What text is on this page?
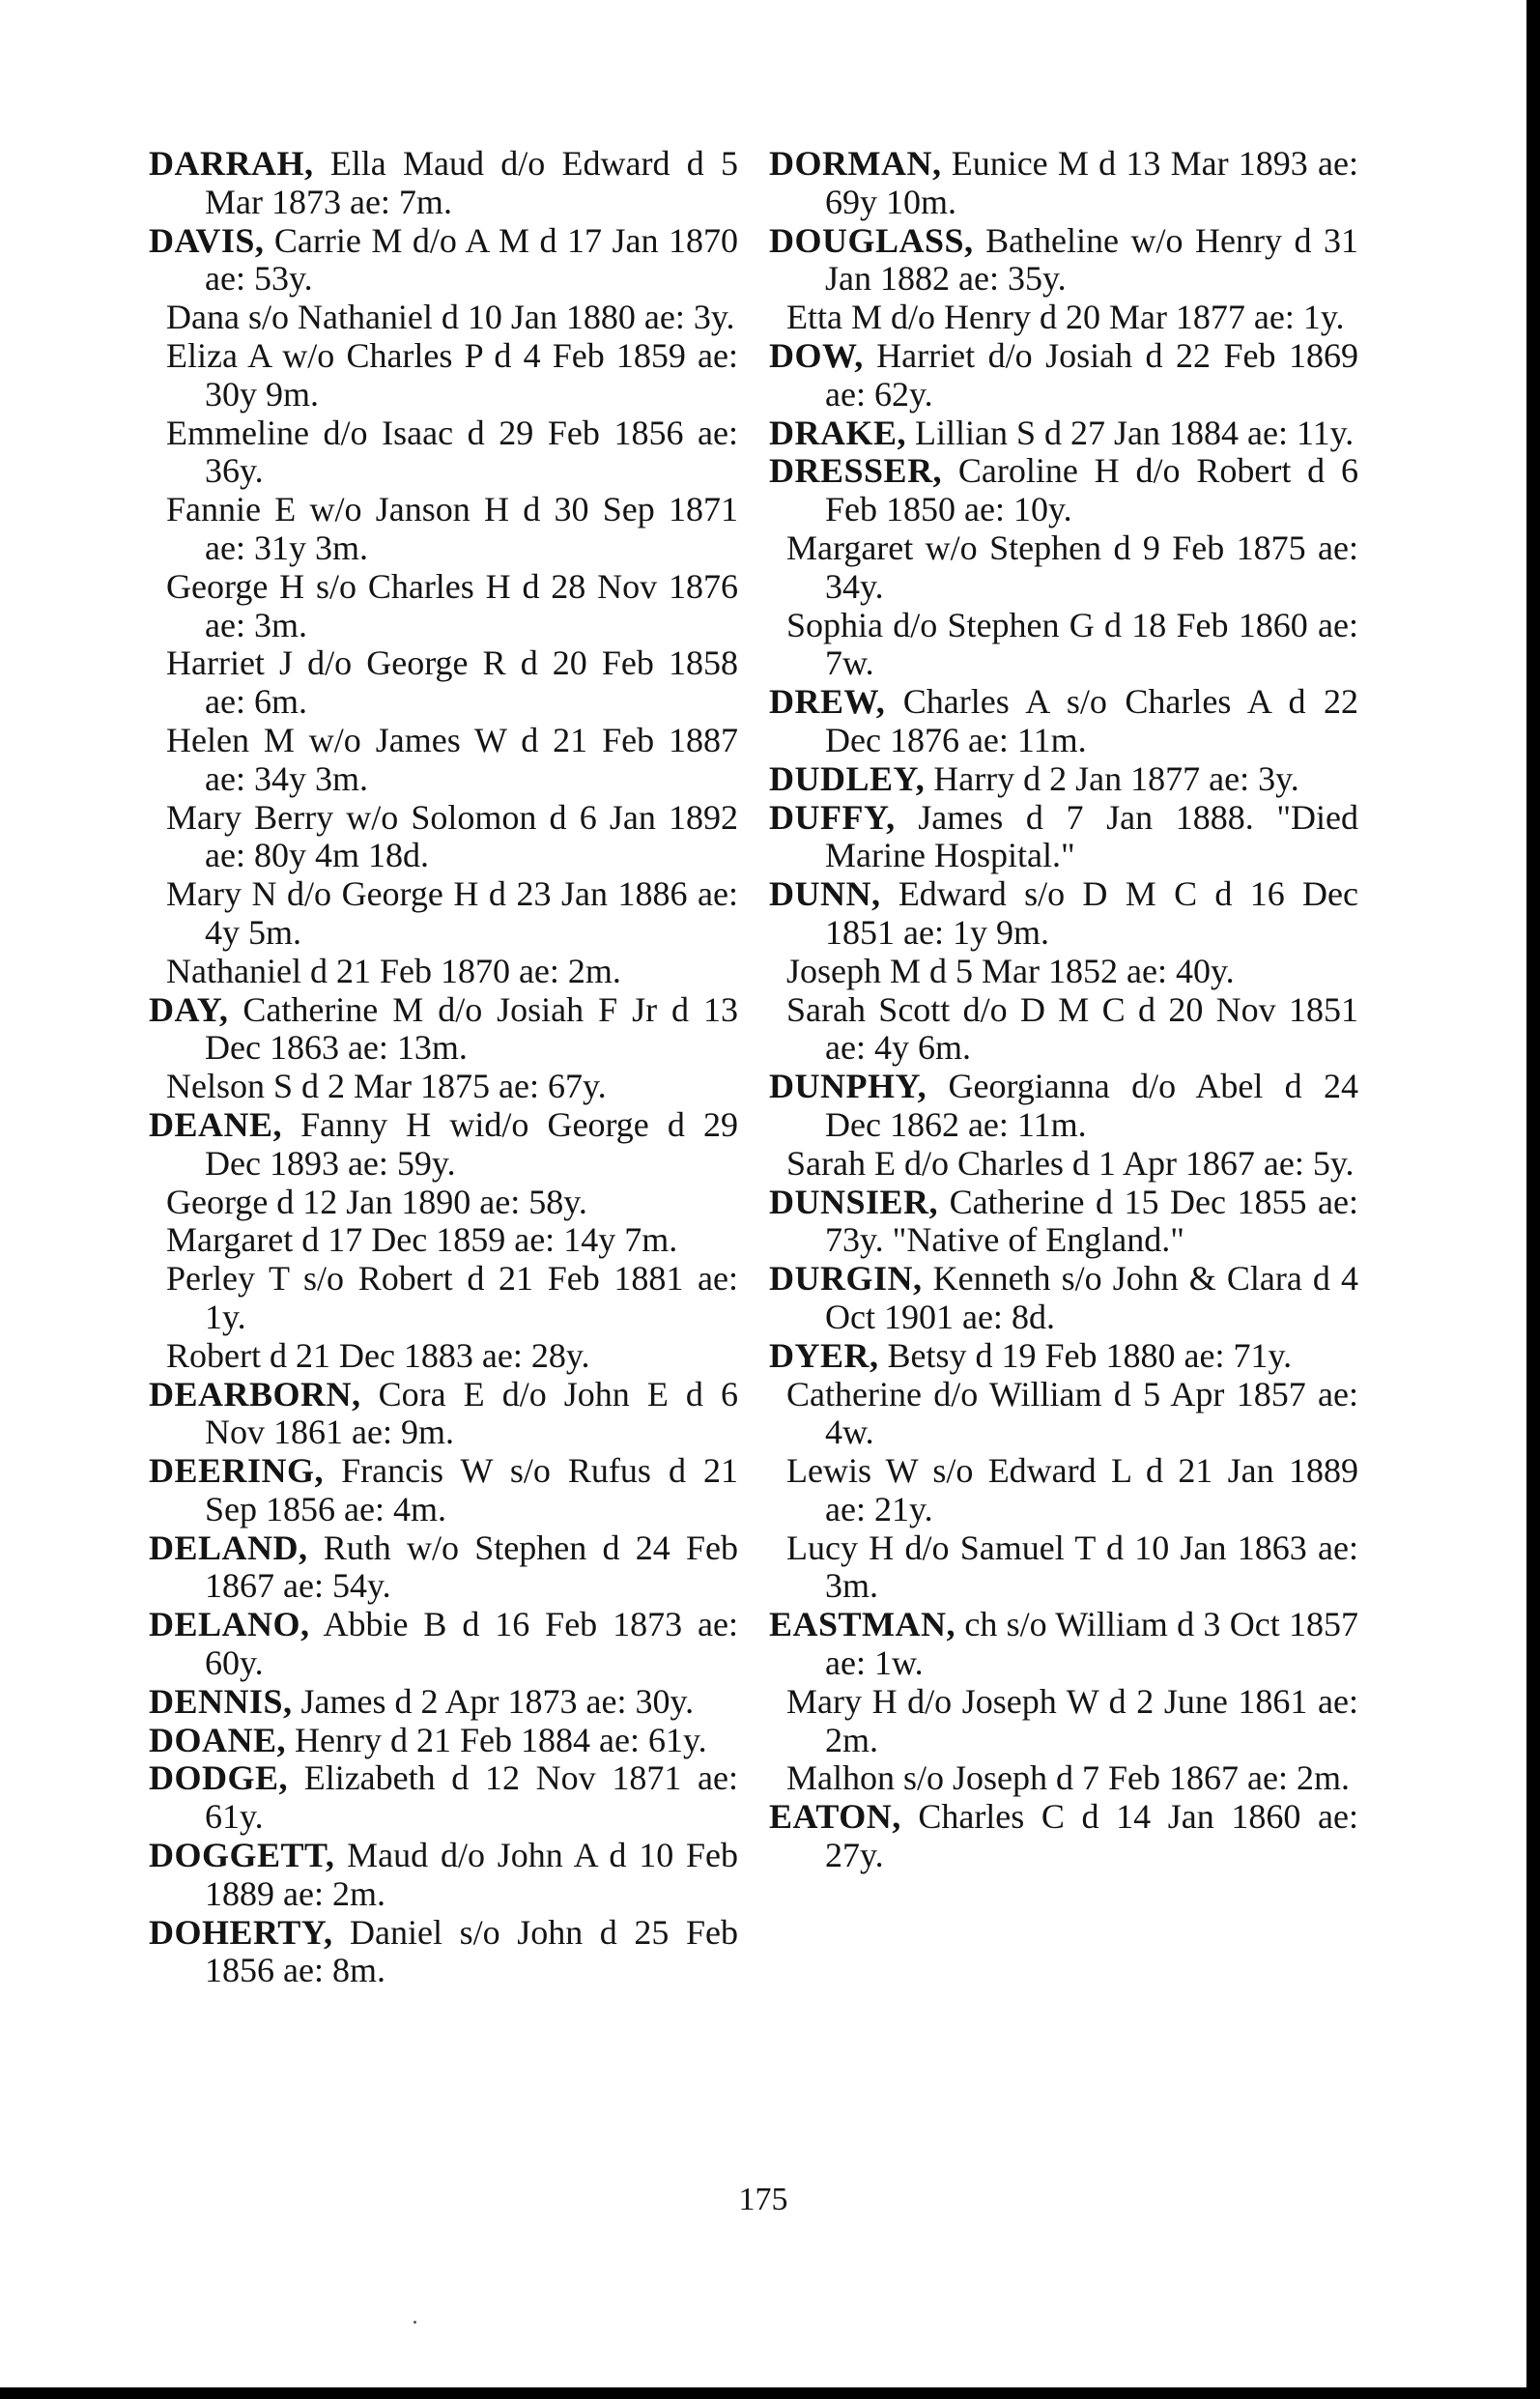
DARRAH, Ella Maud d/o Edward d 5 Mar 1873 ae: 7m.

DAVIS, Carrie M d/o A M d 17 Jan 1870 ae: 53y.

Dana s/o Nathaniel d 10 Jan 1880 ae: 3y.

Eliza A w/o Charles P d 4 Feb 1859 ae: 30y 9m.

Emmeline d/o Isaac d 29 Feb 1856 ae: 36y.

Fannie E w/o Janson H d 30 Sep 1871 ae: 31y 3m.

George H s/o Charles H d 28 Nov 1876 ae: 3m.

Harriet J d/o George R d 20 Feb 1858 ae: 6m.

Helen M w/o James W d 21 Feb 1887 ae: 34y 3m.

Mary Berry w/o Solomon d 6 Jan 1892 ae: 80y 4m 18d.

Mary N d/o George H d 23 Jan 1886 ae: 4y 5m.

Nathaniel d 21 Feb 1870 ae: 2m.

DAY, Catherine M d/o Josiah F Jr d 13 Dec 1863 ae: 13m.

Nelson S d 2 Mar 1875 ae: 67y.

DEANE, Fanny H wid/o George d 29 Dec 1893 ae: 59y.

George d 12 Jan 1890 ae: 58y.

Margaret d 17 Dec 1859 ae: 14y 7m.

Perley T s/o Robert d 21 Feb 1881 ae: 1y.

Robert d 21 Dec 1883 ae: 28y.

DEARBORN, Cora E d/o John E d 6 Nov 1861 ae: 9m.

DEERING, Francis W s/o Rufus d 21 Sep 1856 ae: 4m.

DELAND, Ruth w/o Stephen d 24 Feb 1867 ae: 54y.

DELANO, Abbie B d 16 Feb 1873 ae: 60y.

DENNIS, James d 2 Apr 1873 ae: 30y.

DOANE, Henry d 21 Feb 1884 ae: 61y.

DODGE, Elizabeth d 12 Nov 1871 ae: 61y.

DOGGETT, Maud d/o John A d 10 Feb 1889 ae: 2m.

DOHERTY, Daniel s/o John d 25 Feb 1856 ae: 8m.

DORMAN, Eunice M d 13 Mar 1893 ae: 69y 10m.

DOUGLASS, Batheline w/o Henry d 31 Jan 1882 ae: 35y.

Etta M d/o Henry d 20 Mar 1877 ae: 1y.

DOW, Harriet d/o Josiah d 22 Feb 1869 ae: 62y.

DRAKE, Lillian S d 27 Jan 1884 ae: 11y.

DRESSER, Caroline H d/o Robert d 6 Feb 1850 ae: 10y.

Margaret w/o Stephen d 9 Feb 1875 ae: 34y.

Sophia d/o Stephen G d 18 Feb 1860 ae: 7w.

DREW, Charles A s/o Charles A d 22 Dec 1876 ae: 11m.

DUDLEY, Harry d 2 Jan 1877 ae: 3y.

DUFFY, James d 7 Jan 1888. "Died Marine Hospital."

DUNN, Edward s/o D M C d 16 Dec 1851 ae: 1y 9m.

Joseph M d 5 Mar 1852 ae: 40y.

Sarah Scott d/o D M C d 20 Nov 1851 ae: 4y 6m.

DUNPHY, Georgianna d/o Abel d 24 Dec 1862 ae: 11m.

Sarah E d/o Charles d 1 Apr 1867 ae: 5y.

DUNSIER, Catherine d 15 Dec 1855 ae: 73y. "Native of England."

DURGIN, Kenneth s/o John & Clara d 4 Oct 1901 ae: 8d.

DYER, Betsy d 19 Feb 1880 ae: 71y.

Catherine d/o William d 5 Apr 1857 ae: 4w.

Lewis W s/o Edward L d 21 Jan 1889 ae: 21y.

Lucy H d/o Samuel T d 10 Jan 1863 ae: 3m.

EASTMAN, ch s/o William d 3 Oct 1857 ae: 1w.

Mary H d/o Joseph W d 2 June 1861 ae: 2m.

Malhon s/o Joseph d 7 Feb 1867 ae: 2m.

EATON, Charles C d 14 Jan 1860 ae: 27y.

175
